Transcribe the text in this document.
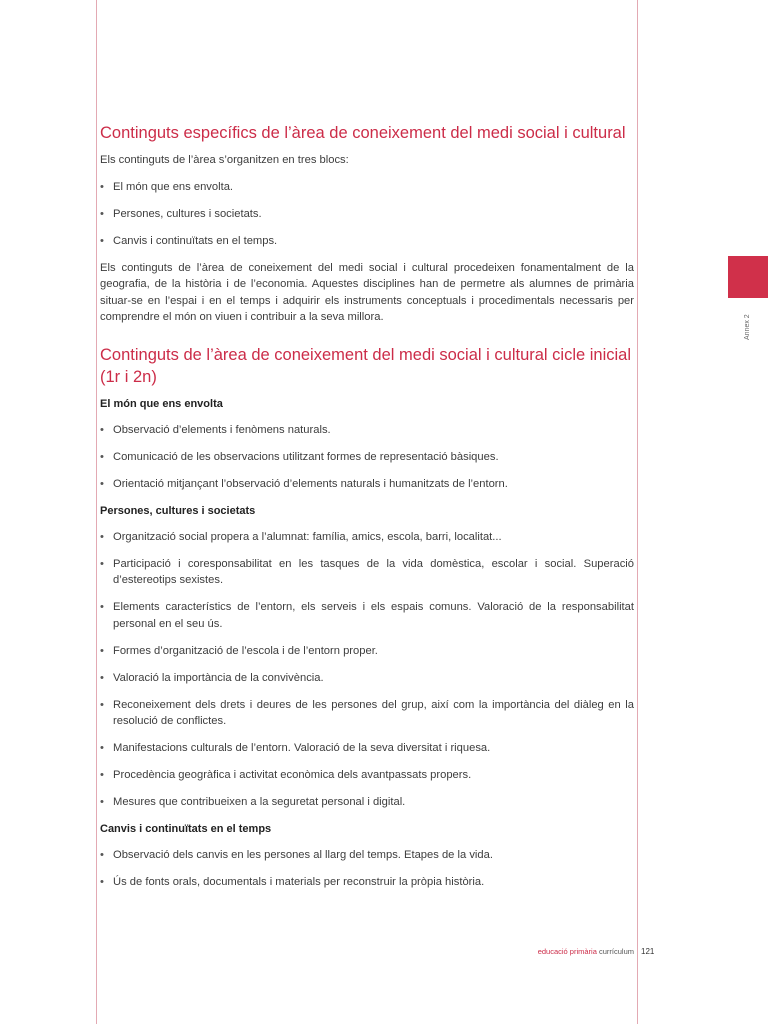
Annex 2
Continguts específics de l’àrea de coneixement del medi social i cultural

Els continguts de l’àrea s’organitzen en tres blocs:

• El món que ens envolta.
• Persones, cultures i societats.
• Canvis i continuïtats en el temps.

Els continguts de l’àrea de coneixement del medi social i cultural procedeixen fonamentalment de la geografia, de la història i de l’economia. Aquestes disciplines han de permetre als alumnes de primària situar-se en l’espai i en el temps i adquirir els instruments conceptuals i procedimentals necessaris per comprendre el món on viuen i contribuir a la seva millora.

Continguts de l’àrea de coneixement del medi social i cultural cicle inicial (1r i 2n)
El món que ens envolta
• Observació d’elements i fenòmens naturals.
• Comunicació de les observacions utilitzant formes de representació bàsiques.
• Orientació mitjançant l’observació d’elements naturals i humanitzats de l’entorn.
Persones, cultures i societats
• Organització social propera a l’alumnat: família, amics, escola, barri, localitat...
• Participació i coresponsabilitat en les tasques de la vida domèstica, escolar i social. Superació d’estereotips sexistes.
• Elements característics de l’entorn, els serveis i els espais comuns. Valoració de la responsabilitat personal en el seu ús.
• Formes d’organització de l’escola i de l’entorn proper.
• Valoració la importància de la convivència.
• Reconeixement dels drets i deures de les persones del grup, així com la importància del diàleg en la resolució de conflictes.
• Manifestacions culturals de l’entorn. Valoració de la seva diversitat i riquesa.
• Procedència geogràfica i activitat econòmica dels avantpassats propers.
• Mesures que contribueixen a la seguretat personal i digital.
Canvis i continuïtats en el temps
• Observació dels canvis en les persones al llarg del temps. Etapes de la vida.
• Ús de fonts orals, documentals i materials per reconstruir la pròpia història.
educació primària currículum 121
